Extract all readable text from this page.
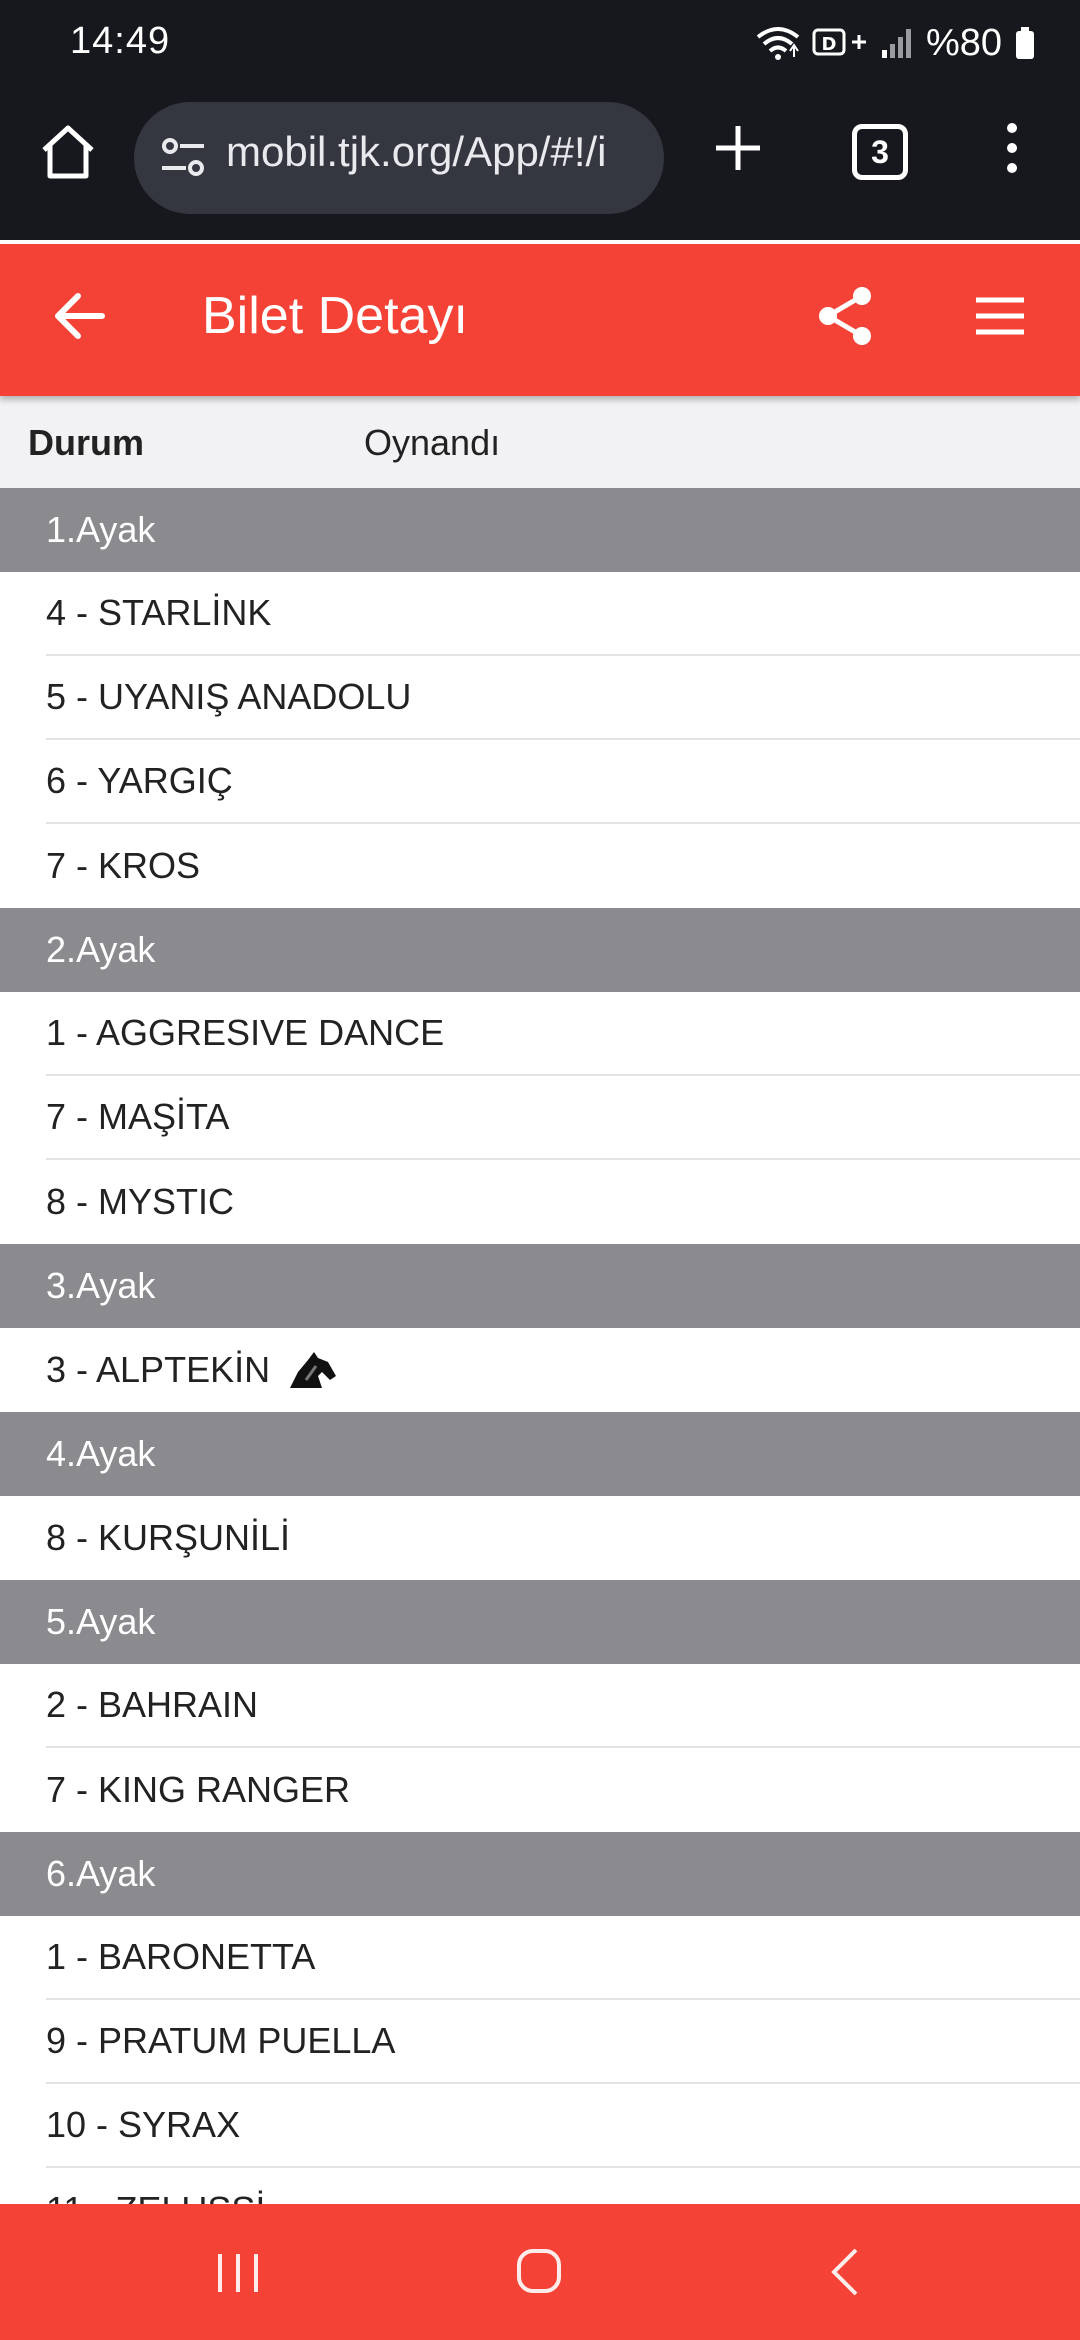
14:49	D %80
mobil.tjk.org/App/#!/i	3
Bilet Detayı
Durum	Oynandı
1.Ayak
4 - STARLİNK
5 - UYANIŞ ANADOLU
6 - YARGIÇ
7 - KROS
2.Ayak
1 - AGGRESIVE DANCE
7 - MAŞİTA
8 - MYSTIC
3.Ayak
3 - ALPTEKİN
4.Ayak
8 - KURŞUNİLİ
5.Ayak
2 - BAHRAIN
7 - KING RANGER
6.Ayak
1 - BARONETTA
9 - PRATUM PUELLA
10 - SYRAX
